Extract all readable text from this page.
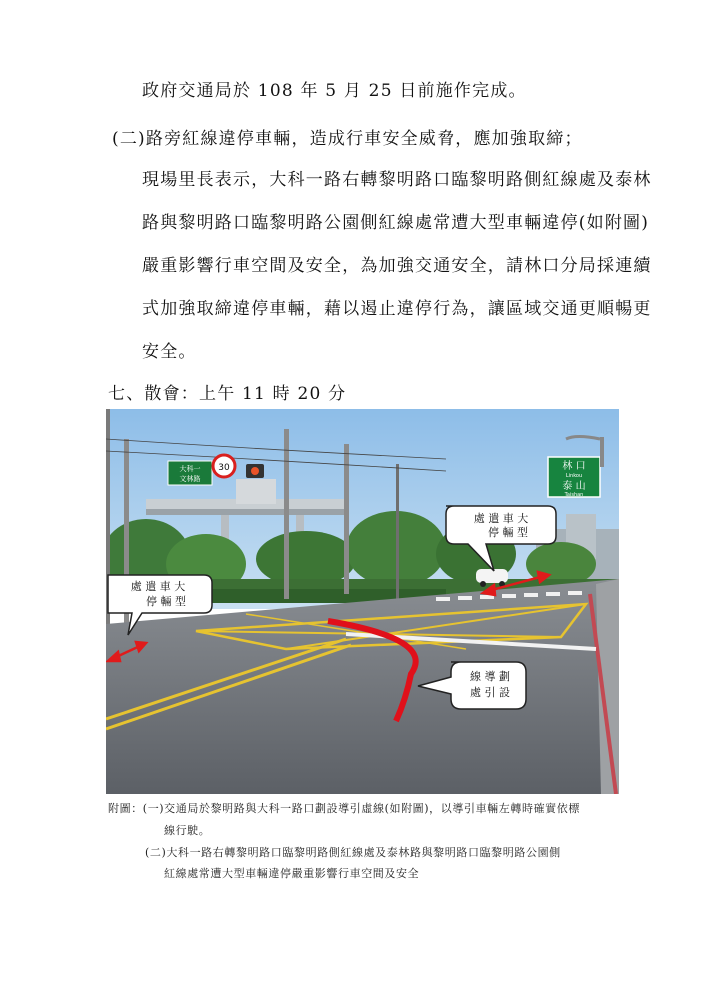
政府交通局於 108 年 5 月 25 日前施作完成。
(二)路旁紅線違停車輛，造成行車安全威脅，應加強取締；
現場里長表示，大科一路右轉黎明路口臨黎明路側紅線處及泰林
路與黎明路口臨黎明路公園側紅線處常遭大型車輛違停(如附圖)
嚴重影響行車空間及安全，為加強交通安全，請林口分局採連續
式加強取締違停車輛，藉以遏止違停行為，讓區域交通更順暢更
安全。
七、散會：上午 11 時 20 分
大科一
文林路
30	林 口
Linkou
泰 山
Taishan
處 遣 車 大
停 輛 型
處 遣 車 大
停 輛 型
線 導 劃
處 引 設
附圖：(一)交通局於黎明路與大科一路口劃設導引虛線(如附圖)，以導引車輛左轉時確實依標
線行駛。
(二)大科一路右轉黎明路口臨黎明路側紅線處及泰林路與黎明路口臨黎明路公園側
紅線處常遭大型車輛違停嚴重影響行車空間及安全
